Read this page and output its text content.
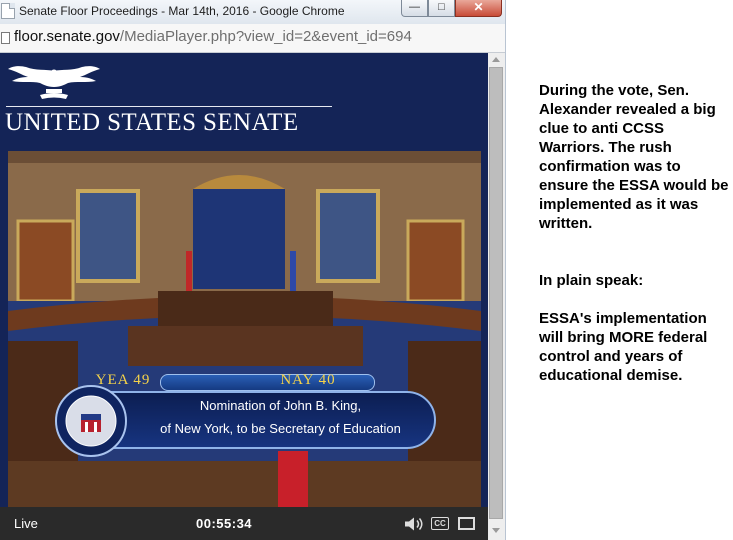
Senate Floor Proceedings - Mar 14th, 2016 - Google Chrome	—	□	✕
floor.senate.gov/MediaPlayer.php?view_id=2&event_id=694
UNITED STATES SENATE
YEA 49	NAY 40
Nomination of John B. King,
of New York, to be Secretary of Education
Live	00:55:34	CC

During the vote, Sen. Alexander revealed a big clue to anti CCSS Warriors. The rush confirmation was to ensure the ESSA would be implemented as it was written.

In plain speak:

ESSA's implementation will bring MORE federal control and years of educational demise.
